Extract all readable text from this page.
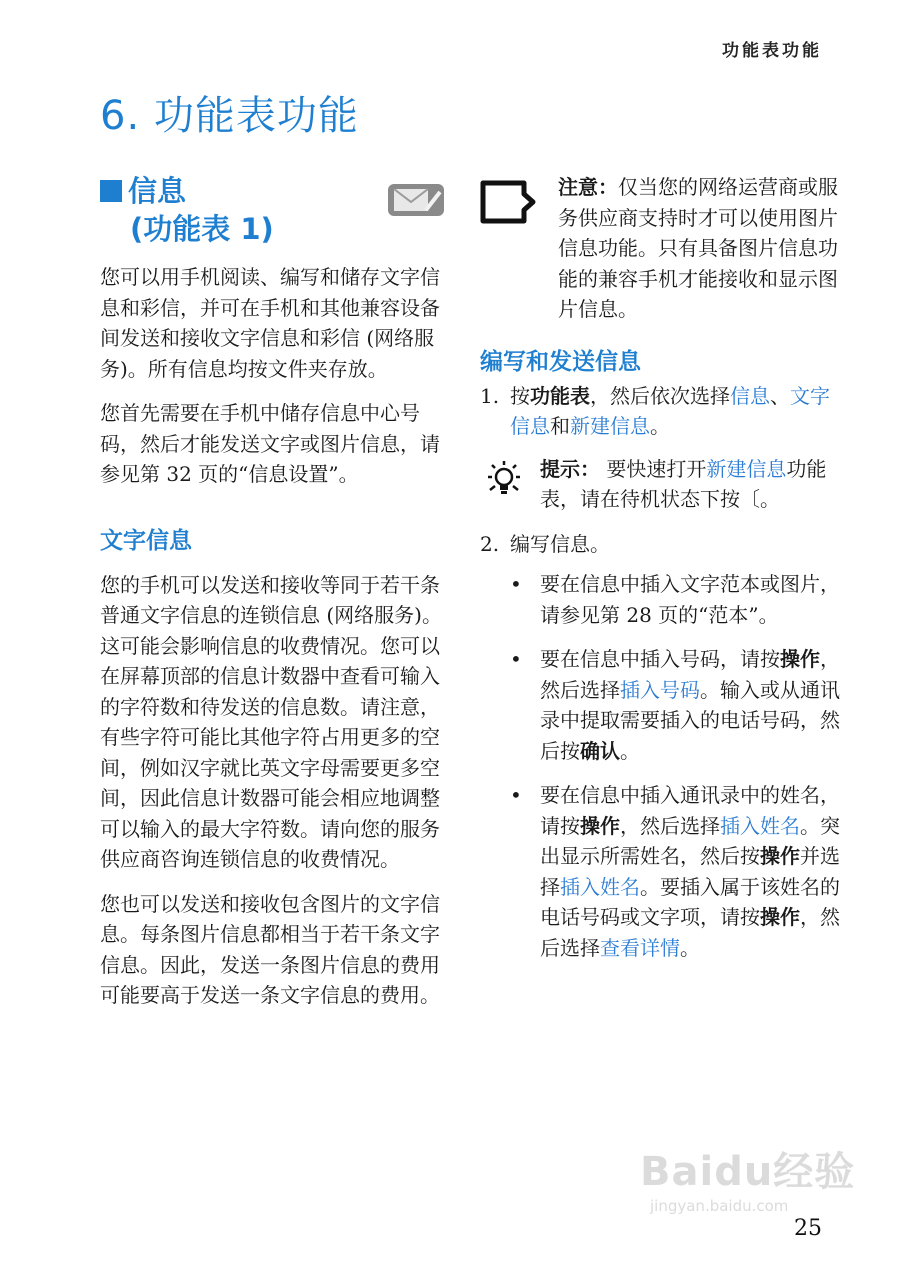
功能表功能
6. 功能表功能
信息
(功能表 1)

您可以用手机阅读、编写和储存文字信息和彩信，并可在手机和其他兼容设备间发送和接收文字信息和彩信 (网络服务)。所有信息均按文件夹存放。

您首先需要在手机中储存信息中心号码，然后才能发送文字或图片信息，请参见第 32 页的“信息设置”。

文字信息

您的手机可以发送和接收等同于若干条普通文字信息的连锁信息 (网络服务)。这可能会影响信息的收费情况。您可以在屏幕顶部的信息计数器中查看可输入的字符数和待发送的信息数。请注意，有些字符可能比其他字符占用更多的空间，例如汉字就比英文字母需要更多空间，因此信息计数器可能会相应地调整可以输入的最大字符数。请向您的服务供应商咨询连锁信息的收费情况。

您也可以发送和接收包含图片的文字信息。每条图片信息都相当于若干条文字信息。因此，发送一条图片信息的费用可能要高于发送一条文字信息的费用。

注意：仅当您的网络运营商或服务供应商支持时才可以使用图片信息功能。只有具备图片信息功能的兼容手机才能接收和显示图片信息。
编写和发送信息
1. 按功能表，然后依次选择信息、文字信息和新建信息。
提示： 要快速打开新建信息功能表，请在待机状态下按〔。
2. 编写信息。
• 要在信息中插入文字范本或图片，请参见第 28 页的“范本”。
• 要在信息中插入号码，请按操作，然后选择插入号码。输入或从通讯录中提取需要插入的电话号码，然后按确认。
• 要在信息中插入通讯录中的姓名，请按操作，然后选择插入姓名。突出显示所需姓名，然后按操作并选择插入姓名。要插入属于该姓名的电话号码或文字项，请按操作，然后选择查看详情。
Baidu经验
jingyan.baidu.com
25
